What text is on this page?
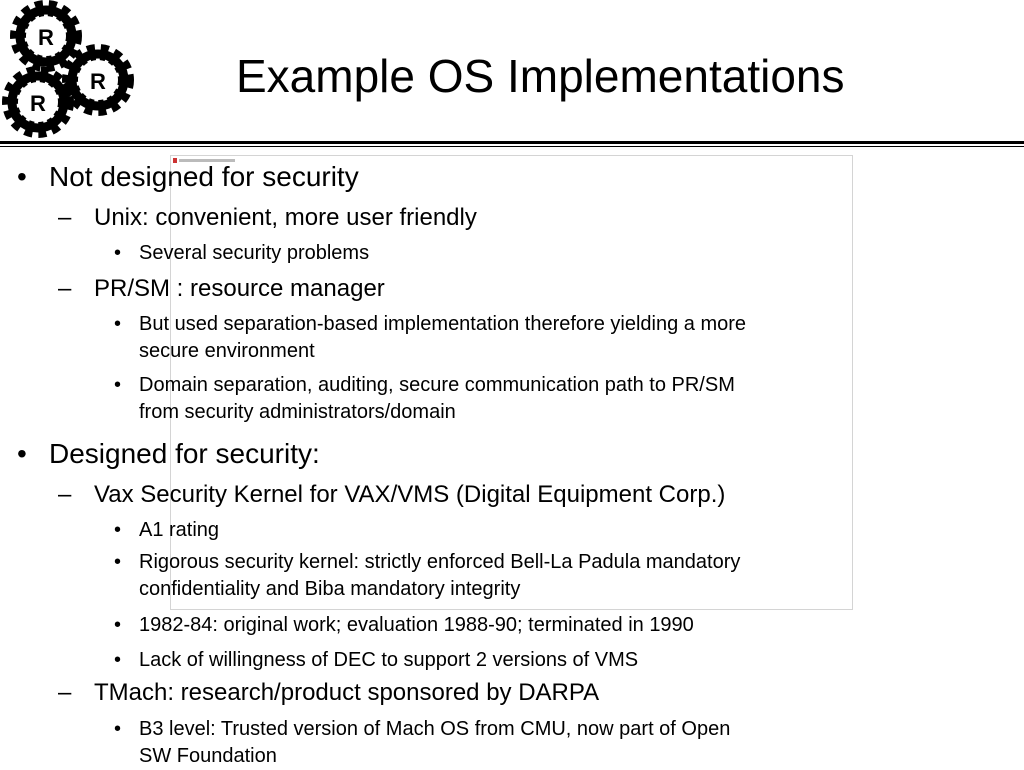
R
R
R
Example OS Implementations
• Not designed for security
– Unix: convenient, more user friendly
• Several security problems
– PR/SM : resource manager
• But used separation-based implementation therefore yielding a more
secure environment
• Domain separation, auditing, secure communication path to PR/SM
from security administrators/domain
• Designed for security:
– Vax Security Kernel for VAX/VMS (Digital Equipment Corp.)
• A1 rating
• Rigorous security kernel: strictly enforced Bell-La Padula mandatory
confidentiality and Biba mandatory integrity
• 1982-84: original work; evaluation 1988-90; terminated in 1990
• Lack of willingness of DEC to support 2 versions of VMS
– TMach: research/product sponsored by DARPA
• B3 level: Trusted version of Mach OS from CMU, now part of Open
SW Foundation
